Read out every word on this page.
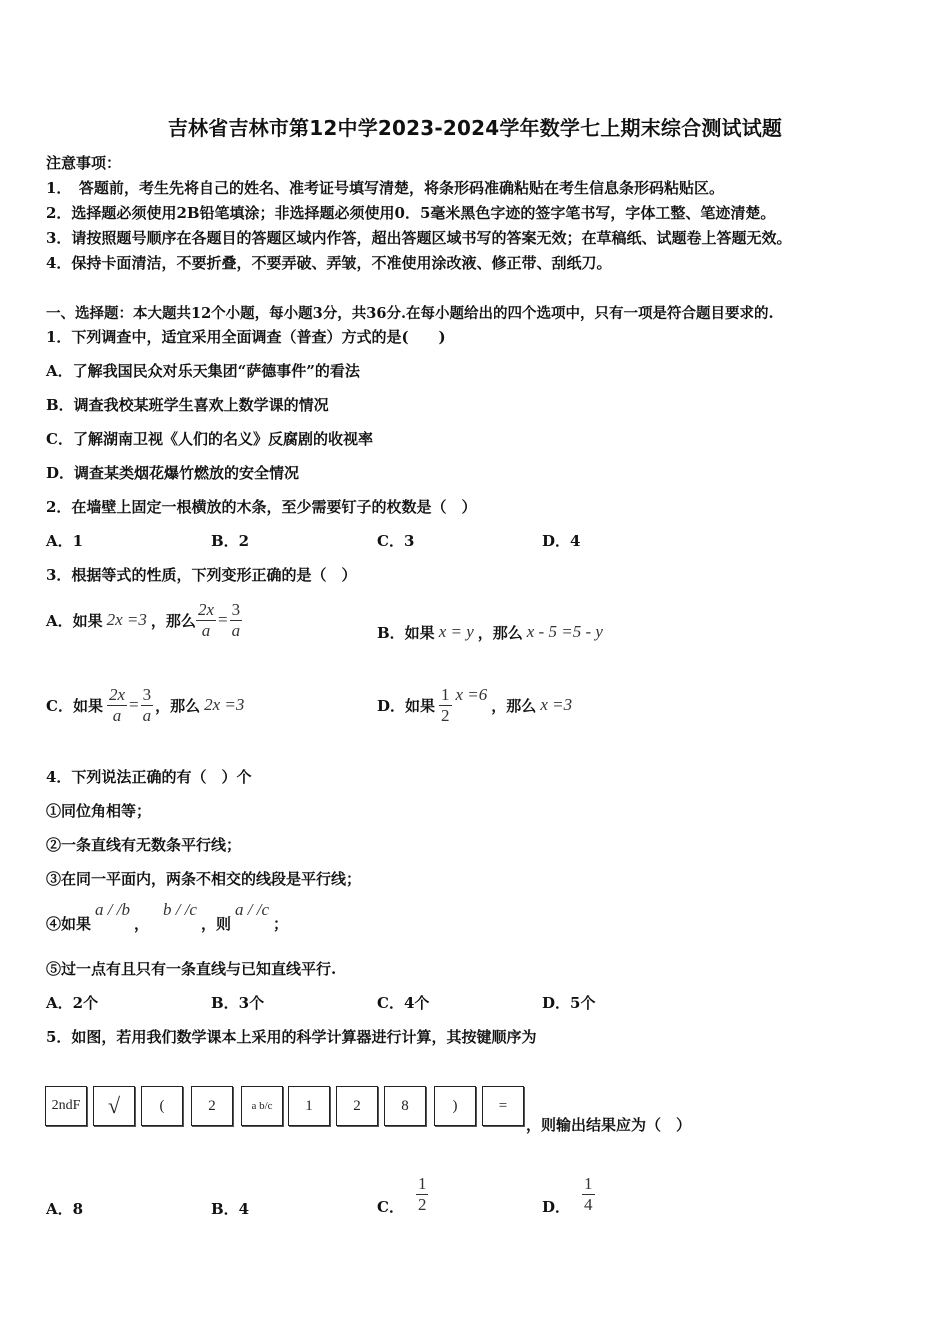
吉林省吉林市第12中学2023-2024学年数学七上期末综合测试试题
注意事项：
1．　答题前，考生先将自己的姓名、准考证号填写清楚，将条形码准确粘贴在考生信息条形码粘贴区。
2．选择题必须使用2B铅笔填涂；非选择题必须使用0．5毫米黑色字迹的签字笔书写，字体工整、笔迹清楚。
3．请按照题号顺序在各题目的答题区域内作答，超出答题区域书写的答案无效；在草稿纸、试题卷上答题无效。
4．保持卡面清洁，不要折叠，不要弄破、弄皱，不准使用涂改液、修正带、刮纸刀。
一、选择题：本大题共12个小题，每小题3分，共36分.在每小题给出的四个选项中，只有一项是符合题目要求的.
1．下列调查中，适宜采用全面调查（普查）方式的是(　　)
A．了解我国民众对乐天集团“萨德事件”的看法
B．调查我校某班学生喜欢上数学课的情况
C．了解湖南卫视《人们的名义》反腐剧的收视率
D．调查某类烟花爆竹燃放的安全情况
2．在墙壁上固定一根横放的木条，至少需要钉子的枚数是（　）
A．1	B．2	C．3	D．4
3．根据等式的性质，下列变形正确的是（　）
A．如果 2x =3 ，那么 $\frac{2x}{a} = \frac{3}{a}$	B．如果 x = y ，那么 x - 5 =5 - y
C．如果 $\frac{2x}{a} = \frac{3}{a}$ ，那么 2x =3	D．如果 $\frac{1}{2}$ x =6
，那么 x =3
4．下列说法正确的有（　）个
①同位角相等；
②一条直线有无数条平行线；
③在同一平面内，两条不相交的线段是平行线；
④如果
a / /b
，
b / /c
，则
a / /c
；
⑤过一点有且只有一条直线与已知直线平行.
A．2个	B．3个	C．4个	D．5个
5．如图，若用我们数学课本上采用的科学计算器进行计算，其按键顺序为
2ndF	√	(	2	a b/c	1	2	8	)	=
，则输出结果应为（　）
A．8	B．4	C． $\frac{1}{2}$	D． $\frac{1}{4}$
